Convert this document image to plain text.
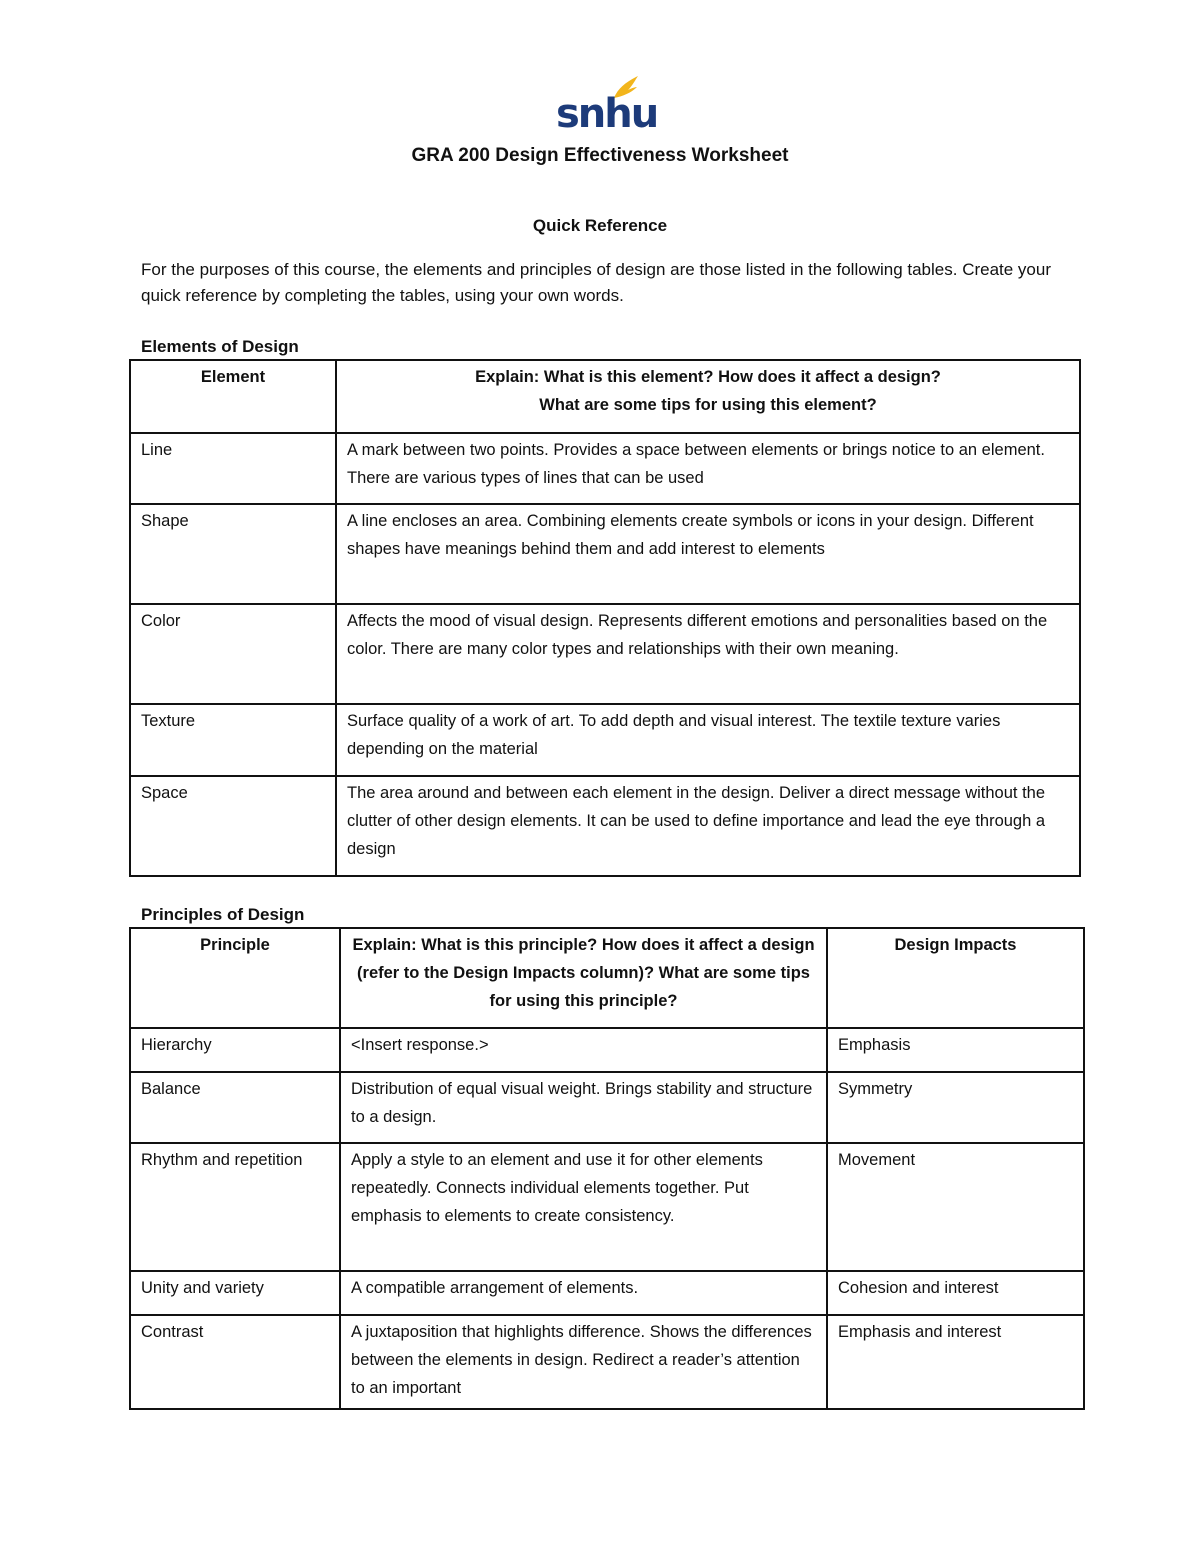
snhu
GRA 200 Design Effectiveness Worksheet
Quick Reference
For the purposes of this course, the elements and principles of design are those listed in the following tables. Create your quick reference by completing the tables, using your own words.
Elements of Design
Element	Explain: What is this element? How does it affect a design?
What are some tips for using this element?

Line	A mark between two points. Provides a space between elements or brings notice to an element. There are various types of lines that can be used
Shape	A line encloses an area. Combining elements create symbols or icons in your design. Different shapes have meanings behind them and add interest to elements
Color	Affects the mood of visual design. Represents different emotions and personalities based on the color. There are many color types and relationships with their own meaning.
Texture	Surface quality of a work of art. To add depth and visual interest. The textile texture varies depending on the material
Space	The area around and between each element in the design. Deliver a direct message without the clutter of other design elements. It can be used to define importance and lead the eye through a design
Principles of Design
Principle	Explain: What is this principle? How does it affect a design (refer to the Design Impacts column)? What are some tips for using this principle?	Design Impacts
Hierarchy	<Insert response.>	Emphasis
Balance	Distribution of equal visual weight. Brings stability and structure to a design.	Symmetry
Rhythm and repetition	Apply a style to an element and use it for other elements repeatedly. Connects individual elements together. Put emphasis to elements to create consistency.	Movement
Unity and variety	A compatible arrangement of elements.	Cohesion and interest
Contrast	A juxtaposition that highlights difference. Shows the differences between the elements in design. Redirect a reader’s attention to an important	Emphasis and interest
